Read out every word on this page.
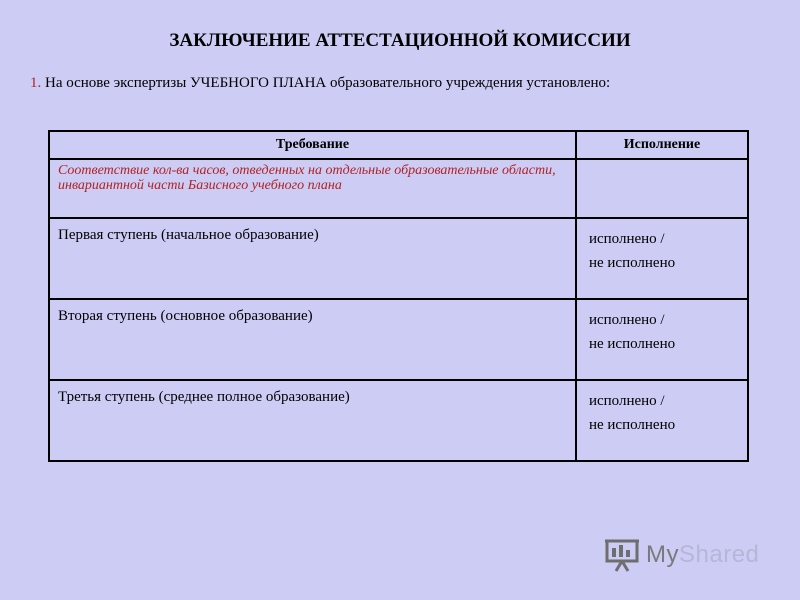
ЗАКЛЮЧЕНИЕ АТТЕСТАЦИОННОЙ КОМИССИИ
1. На основе экспертизы УЧЕБНОГО ПЛАНА образовательного учреждения установлено:
Требование	Исполнение

Соответствие кол-ва часов, отведенных на отдельные образовательные области, инвариантной части Базисного учебного плана	

Первая ступень (начальное образование)	исполнено /
не исполнено

Вторая ступень (основное образование)	исполнено /
не исполнено

Третья ступень (среднее полное образование)	исполнено /
не исполнено
MyShared
